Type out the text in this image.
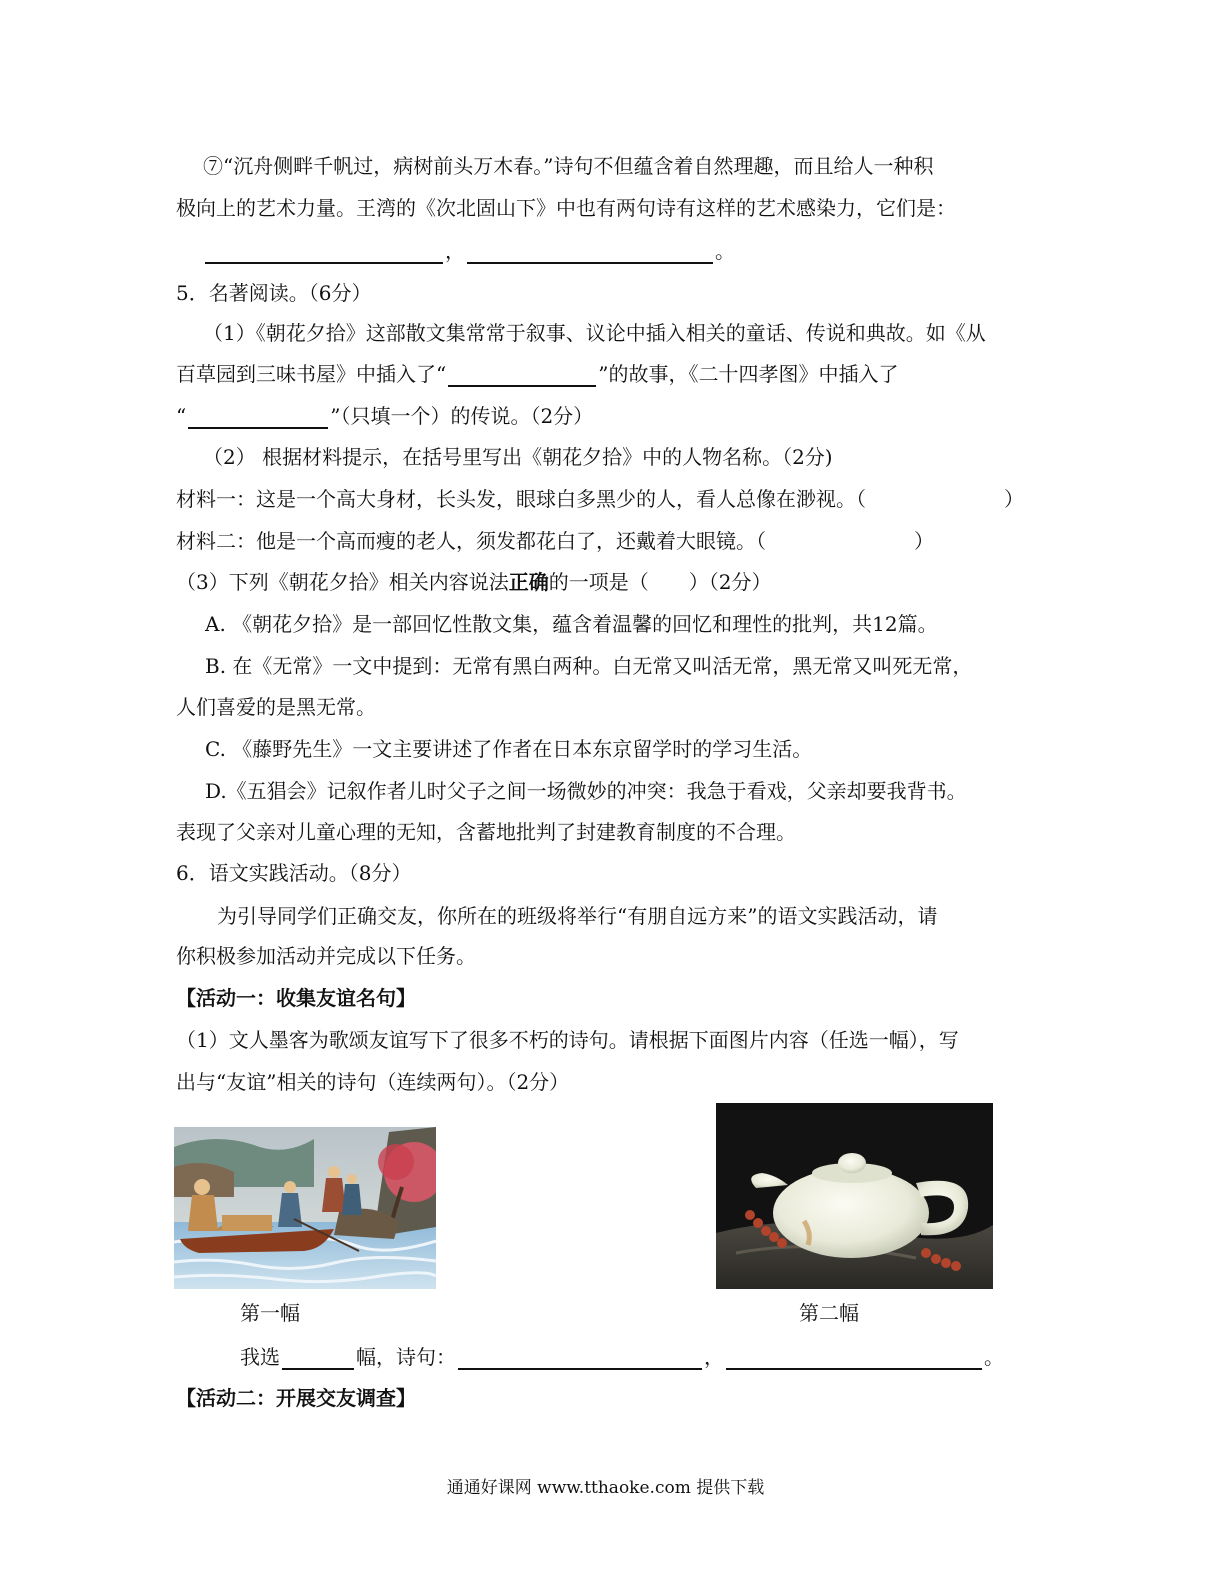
⑦“沉舟侧畔千帆过，病树前头万木春。”诗句不但蕴含着自然理趣，而且给人一种积
极向上的艺术力量。王湾的《次北固山下》中也有两句诗有这样的艺术感染力，它们是：
，	。
5．名著阅读。（6分）
（1）《朝花夕拾》这部散文集常常于叙事、议论中插入相关的童话、传说和典故。如《从
百草园到三味书屋》中插入了“	”的故事，《二十四孝图》中插入了
“	”（只填一个）的传说。（2分）
（2） 根据材料提示，在括号里写出《朝花夕拾》中的人物名称。（2分)
材料一：这是一个高大身材，长头发，眼球白多黑少的人，看人总像在渺视。（	）
材料二：他是一个高而瘦的老人，须发都花白了，还戴着大眼镜。（	）
（3）下列《朝花夕拾》相关内容说法正确的一项是（　　）（2分）
A. 《朝花夕拾》是一部回忆性散文集，蕴含着温馨的回忆和理性的批判，共12篇。
B. 在《无常》一文中提到：无常有黑白两种。白无常又叫活无常，黑无常又叫死无常，
人们喜爱的是黑无常。
C. 《藤野先生》一文主要讲述了作者在日本东京留学时的学习生活。
D.《五猖会》记叙作者儿时父子之间一场微妙的冲突：我急于看戏，父亲却要我背书。
表现了父亲对儿童心理的无知，含蓄地批判了封建教育制度的不合理。
6．语文实践活动。（8分）
为引导同学们正确交友，你所在的班级将举行“有朋自远方来”的语文实践活动，请
你积极参加活动并完成以下任务。
【活动一：收集友谊名句】
（1）文人墨客为歌颂友谊写下了很多不朽的诗句。请根据下面图片内容（任选一幅），写
出与“友谊”相关的诗句（连续两句）。（2分）
第一幅	第二幅
我选	幅，诗句：	，	。
【活动二：开展交友调查】
通通好课网 www.tthaoke.com 提供下载
